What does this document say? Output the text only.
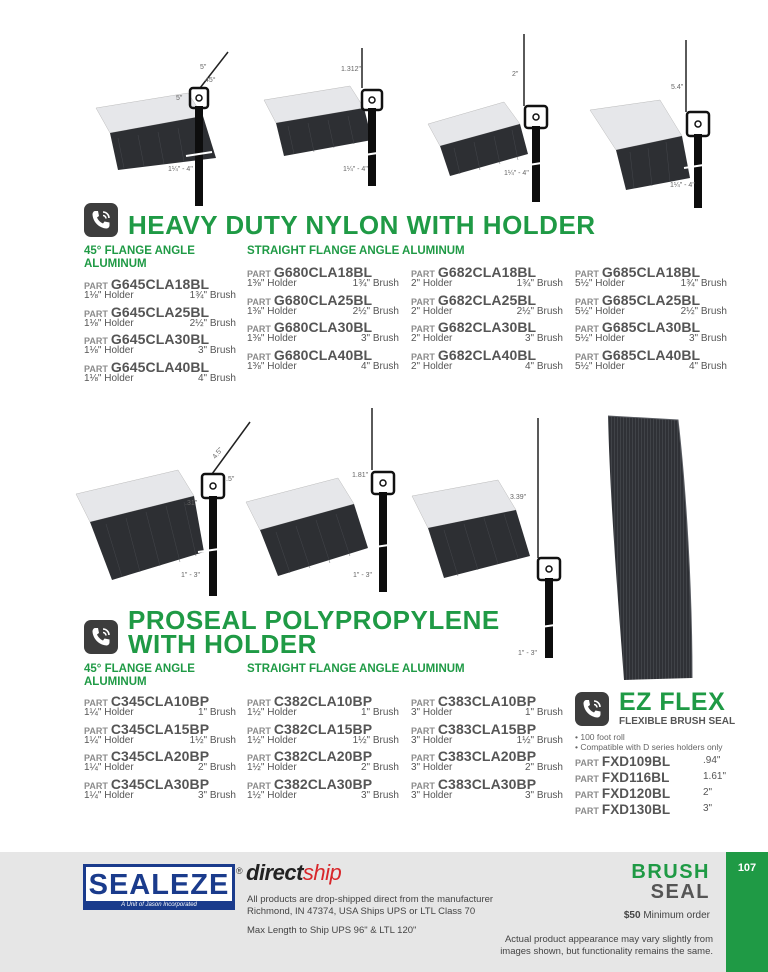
5"
45°
5"
1¼" - 4"
1.312"
1¼" - 4"
2"
1¼" - 4"
5.4"
1¼" - 4"
HEAVY DUTY NYLON WITH HOLDER
45° FLANGE ANGLE ALUMINUM
STRAIGHT FLANGE ANGLE ALUMINUM
PART G645CLA18BL
1⅛" Holder	1¾" Brush
PART G645CLA25BL
1⅛" Holder	2½" Brush
PART G645CLA30BL
1⅛" Holder	3" Brush
PART G645CLA40BL
1⅛" Holder	4" Brush
PART G680CLA18BL
1⅜" Holder	1¾" Brush
PART G680CLA25BL
1⅜" Holder	2½" Brush
PART G680CLA30BL
1⅜" Holder	3" Brush
PART G680CLA40BL
1⅜" Holder	4" Brush
PART G682CLA18BL
2" Holder	1¾" Brush
PART G682CLA25BL
2" Holder	2½" Brush
PART G682CLA30BL
2" Holder	3" Brush
PART G682CLA40BL
2" Holder	4" Brush
PART G685CLA18BL
5½" Holder	1¾" Brush
PART G685CLA25BL
5½" Holder	2½" Brush
PART G685CLA30BL
5½" Holder	3" Brush
PART G685CLA40BL
5½" Holder	4" Brush
4.5"
.5"
.31"
1" - 3"
1.81"
1" - 3"
3.39"
1" - 3"
PROSEAL POLYPROPYLENE
WITH HOLDER
45° FLANGE ANGLE ALUMINUM
STRAIGHT FLANGE ANGLE ALUMINUM
PART C345CLA10BP
1¼" Holder	1" Brush
PART C345CLA15BP
1¼" Holder	1½" Brush
PART C345CLA20BP
1¼" Holder	2" Brush
PART C345CLA30BP
1¼" Holder	3" Brush
PART C382CLA10BP
1½" Holder	1" Brush
PART C382CLA15BP
1½" Holder	1½" Brush
PART C382CLA20BP
1½" Holder	2" Brush
PART C382CLA30BP
1½" Holder	3" Brush
PART C383CLA10BP
3" Holder	1" Brush
PART C383CLA15BP
3" Holder	1½" Brush
PART C383CLA20BP
3" Holder	2" Brush
PART C383CLA30BP
3" Holder	3" Brush
EZ FLEX
FLEXIBLE BRUSH SEAL
• 100 foot roll
• Compatible with D series holders only
PART FXD109BL	.94"
PART FXD116BL	1.61"
PART FXD120BL	2"
PART FXD130BL	3"
107
SEALEZE
A Unit of Jason Incorporated
® directship
All products are drop-shipped direct from the manufacturer
Richmond, IN 47374, USA Ships UPS or LTL Class 70
Max Length to Ship UPS 96" & LTL 120"
BRUSH
SEAL
$50 Minimum order
Actual product appearance may vary slightly from
images shown, but functionality remains the same.
